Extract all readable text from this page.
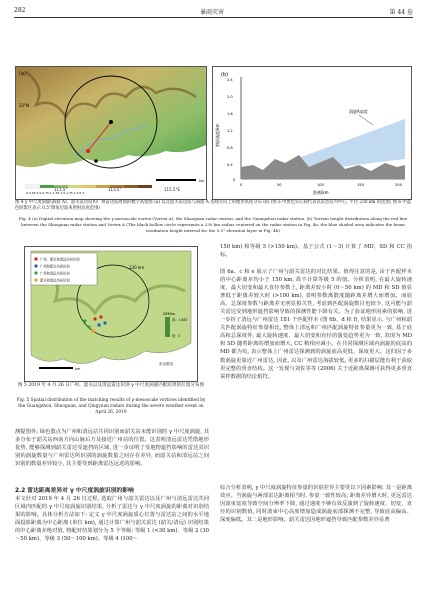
282	暴雨灾害	第 44 卷
(a)
23°N
km
0 0.25 0.5 0.75 1 1.25 1.5 1.75 2 2.5 3
111.5°	113.5°	115.5°E
(b)
涡旋A高度
2.4
2.0
1.6
1.2
0.8
0.4
0
0	50	100	150	200
距离/km
海拔高度/km
图 4 γ 中尺度涡旋(涡旋 A)、韶关雷达站和广州雷达站周围的数字高程图 (a) 以及韶关雷达站与涡旋 A 连线方向上的地形高度分布 (b) (图 a 中黑色实心圆代表以雷达站为中心, 半径 230 km 的范围; 图 b 中蓝色阴影区表示 0.5°降角层波束照射高度范围)
Fig. 4 (a) Digital elevation map showing the γ-mesoscale vortex (Vortex A), the Shaoguan radar station, and the Guangzhou radar station. (b) Terrain height distribution along the red line between the Shaoguan radar station and Vortex A (The black hollow circle represents a 230 km radius centered on the radar station in Fig. 4a, the blue shaded area indicates the beam irradiation height interval for the 0.5° elevation layer in Fig. 4b)
广州、韶关和清远共同识别
广州和韶关共同识别
广州和清远共同识别
韶关和清远共同识别
230 km
DEM/m
高：1 887
低：0
东沙群岛
km
图 5 2019 年 4 月 26 日广州、韶关以及清远雷达识别 γ 中尺度涡旋匹配结果的位置分布图
Fig. 5 Spatial distribution of the matching results of γ-mesoscale vortices identified by the Guangzhou, Shaoguan, and Qingyuan radars during the severe weather event on April 26, 2019
测提图外; 绿色散点为广州和清远站共同识别而韶关站未能识别的 γ 中尺度涡旋, 其多分布于韶关站西南方向山脉后方及接近广州站的位置。这表明清远雷达凭借地形优势, 能够探测到韶关雷达受遮挡的区域, 进一步证明了受地物遮挡影响的雷达其识别的涡旋数量与广州雷达所识别的涡旋数量之间存在差异, 而韶关站和清远站之间识别的数量差异较小, 其主要受到距离雷达远近的影响。
2.2 雷达距离差异对 γ 中尺度涡旋识别的影响
本文针对 2019 年 4 月 26 日过程, 选取广州与韶关雷达以及广州与清远雷达共同区域内匹配的 γ 中尺度涡旋识别结果, 分析了雷达与 γ 中尺度涡旋的距离对识别结果的影响。具体分析方法如下: 定义 γ 中尺度涡旋质心位置与雷达站之间的水平地面投影距离为中心距离 (单位 km), 通过计算广州与韶关雷达 (韶关/清远) 识别结果的中心距离差绝对值, 将配对结果划分为 5 个等级: 等级 1 (<30 km)、等级 2 (30～50 km)、等级 3 (50～100 km)、等级 4 (100～
150 km) 和等级 5 (>150 km)。基于公式 (1～3) 计算了 MD、SD 和 CC 指标。
图 6a、c 和 e 展示了广州与韶关雷达的对比结果。值得注意的是, 由于匹配样本的中心距离差均小于 150 km, 故不计算等级 5 的值。分析表明, 在最大旋转速度、最大切变和最大直径参数上, 距离差较小时 (0～50 km) 的 MD 和 SD 值显著低于距离差较大时 (>100 km), 表明参数离散度随距离差增大而增加。而底高、总深度参数与距离差无明显相关性, 考虑到匹配涡旋数目也较少, 这可能与韶关雷达受到地形遮挡影响导致的探测性能下降有关。为了验证地形因素的影响, 进一步折了清远与广州雷达 181 个匹配样本 (图 6b、d 和 f), 结果显示, 与广州和韶关匹配涡旋特征参量相比, 整体上清远和广州匹配涡旋特征参量更为一致, 基于底高和总深度外, 最大旋转速度、最大切变和直径的演变趋势更为一致, 表现为 MD 和 SD 随着距离的增加而增大, CC 稍相应减小。在共同探测区域内涡旋的底高的 MD 都为负, 表示整体上广州雷达探测到的涡旋底高更低、深度更大。这归因于多数涡旋更靠近广州雷达, 因此, 以及广州雷达海拔较低, 更多的扫描层能有利于获取更完整的垂直结构。这一发现与刘佐等等 (2006) 关于近距离探测可获得更多垂直采样数据的结论相符。
综合分析表明, γ 中尺度涡旋特征参量的识别差异主要受以下因素影响: 其一是距离效应。当涡旋与两部雷达距离相当时, 参量一致性较高; 距离差异增大时, 更远雷达因波束宽度导致空间分辨率下降, 通过速度不够有效反演到了旋转速度、切变、直径的识别数值, 同时波束中心高度增加造成涡旋底部探测不完整, 导致底高偏高、深度偏低。其二是地形影响。韶关雷达因地形遮挡导致匹配参数差异显著
